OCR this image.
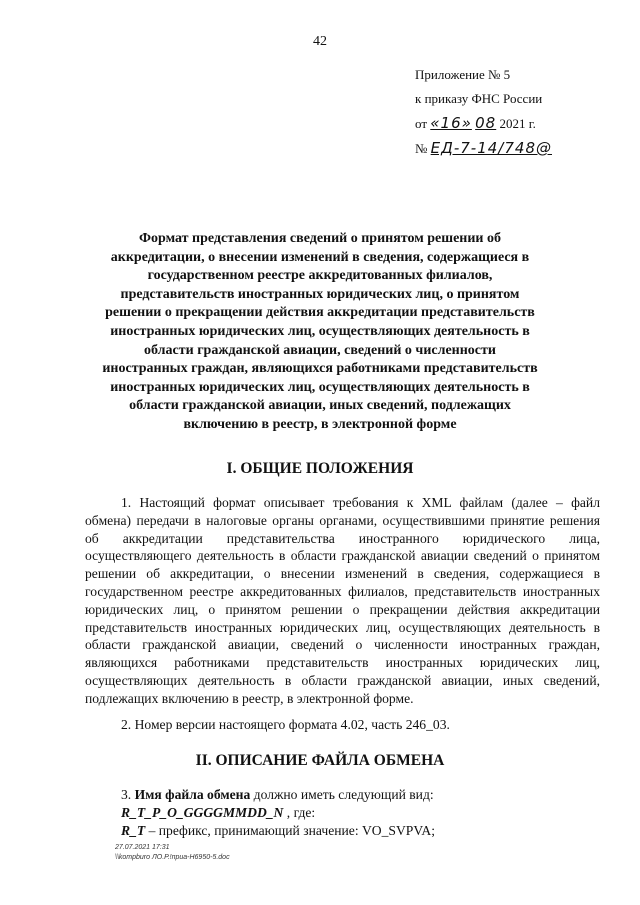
42
Приложение № 5
к приказу ФНС России
от «16» 08 2021 г.
№ ЕД-7-14/748@
Формат представления сведений о принятом решении об аккредитации, о внесении изменений в сведения, содержащиеся в государственном реестре аккредитованных филиалов, представительств иностранных юридических лиц, о принятом решении о прекращении действия аккредитации представительств иностранных юридических лиц, осуществляющих деятельность в области гражданской авиации, сведений о численности иностранных граждан, являющихся работниками представительств иностранных юридических лиц, осуществляющих деятельность в области гражданской авиации, иных сведений, подлежащих включению в реестр, в электронной форме
I. ОБЩИЕ ПОЛОЖЕНИЯ

1. Настоящий формат описывает требования к XML файлам (далее – файл обмена) передачи в налоговые органы органами, осуществившими принятие решения об аккредитации представительства иностранного юридического лица, осуществляющего деятельность в области гражданской авиации сведений о принятом решении об аккредитации, о внесении изменений в сведения, содержащиеся в государственном реестре аккредитованных филиалов, представительств иностранных юридических лиц, о принятом решении о прекращении действия аккредитации представительств иностранных юридических лиц, осуществляющих деятельность в области гражданской авиации, сведений о численности иностранных граждан, являющихся работниками представительств иностранных юридических лиц, осуществляющих деятельность в области гражданской авиации, иных сведений, подлежащих включению в реестр, в электронной форме.

2. Номер версии настоящего формата 4.02, часть 246_03.

II. ОПИСАНИЕ ФАЙЛА ОБМЕНА

3. Имя файла обмена должно иметь следующий вид:

R_T_P_O_GGGGMMDD_N , где:

R_T – префикс, принимающий значение: VO_SVPVA;

27.07.2021 17:31
\\kompburo ЛО.Р.!приа-Н6950-5.doc
